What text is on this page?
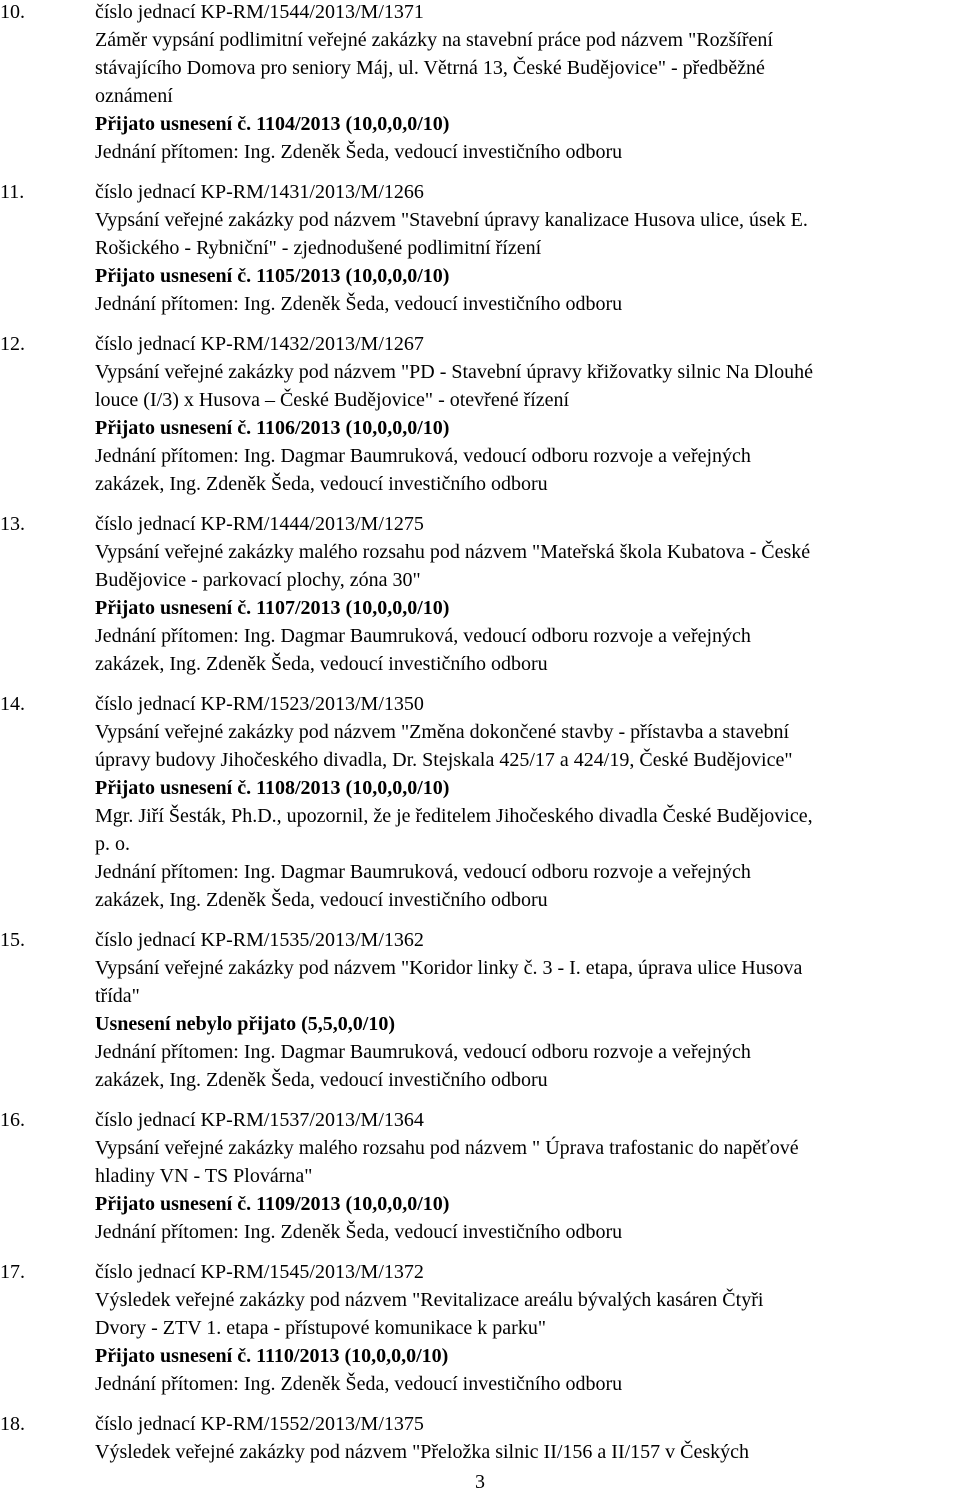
10.	číslo jednací KP-RM/1544/2013/M/1371
Záměr vypsání podlimitní veřejné zakázky na stavební práce pod názvem "Rozšíření
stávajícího Domova pro seniory Máj, ul. Větrná 13, České Budějovice" - předběžné
oznámení
Přijato usnesení č. 1104/2013 (10,0,0,0/10)
Jednání přítomen: Ing. Zdeněk Šeda, vedoucí investičního odboru
11.	číslo jednací KP-RM/1431/2013/M/1266
Vypsání veřejné zakázky pod názvem "Stavební úpravy kanalizace Husova ulice, úsek E.
Rošického - Rybniční" - zjednodušené podlimitní řízení
Přijato usnesení č. 1105/2013 (10,0,0,0/10)
Jednání přítomen: Ing. Zdeněk Šeda, vedoucí investičního odboru
12.	číslo jednací KP-RM/1432/2013/M/1267
Vypsání veřejné zakázky pod názvem "PD - Stavební úpravy křižovatky silnic Na Dlouhé
louce (I/3) x Husova – České Budějovice" - otevřené řízení
Přijato usnesení č. 1106/2013 (10,0,0,0/10)
Jednání přítomen: Ing. Dagmar Baumruková, vedoucí odboru rozvoje a veřejných
zakázek, Ing. Zdeněk Šeda, vedoucí investičního odboru
13.	číslo jednací KP-RM/1444/2013/M/1275
Vypsání veřejné zakázky malého rozsahu pod názvem "Mateřská škola Kubatova - České
Budějovice - parkovací plochy, zóna 30"
Přijato usnesení č. 1107/2013 (10,0,0,0/10)
Jednání přítomen: Ing. Dagmar Baumruková, vedoucí odboru rozvoje a veřejných
zakázek, Ing. Zdeněk Šeda, vedoucí investičního odboru
14.	číslo jednací KP-RM/1523/2013/M/1350
Vypsání veřejné zakázky pod názvem "Změna dokončené stavby - přístavba a stavební
úpravy budovy Jihočeského divadla, Dr. Stejskala 425/17 a 424/19, České Budějovice"
Přijato usnesení č. 1108/2013 (10,0,0,0/10)
Mgr. Jiří Šesták, Ph.D., upozornil, že je ředitelem Jihočeského divadla České Budějovice,
p. o.
Jednání přítomen: Ing. Dagmar Baumruková, vedoucí odboru rozvoje a veřejných
zakázek, Ing. Zdeněk Šeda, vedoucí investičního odboru
15.	číslo jednací KP-RM/1535/2013/M/1362
Vypsání veřejné zakázky pod názvem "Koridor linky č. 3 - I. etapa, úprava ulice Husova
třída"
Usnesení nebylo přijato (5,5,0,0/10)
Jednání přítomen: Ing. Dagmar Baumruková, vedoucí odboru rozvoje a veřejných
zakázek, Ing. Zdeněk Šeda, vedoucí investičního odboru
16.	číslo jednací KP-RM/1537/2013/M/1364
Vypsání veřejné zakázky malého rozsahu pod názvem " Úprava trafostanic do napěťové
hladiny VN - TS Plovárna"
Přijato usnesení č. 1109/2013 (10,0,0,0/10)
Jednání přítomen: Ing. Zdeněk Šeda, vedoucí investičního odboru
17.	číslo jednací KP-RM/1545/2013/M/1372
Výsledek veřejné zakázky pod názvem "Revitalizace areálu bývalých kasáren Čtyři
Dvory - ZTV 1. etapa - přístupové komunikace k parku"
Přijato usnesení č. 1110/2013 (10,0,0,0/10)
Jednání přítomen: Ing. Zdeněk Šeda, vedoucí investičního odboru
18.	číslo jednací KP-RM/1552/2013/M/1375
Výsledek veřejné zakázky pod názvem "Přeložka silnic II/156 a II/157 v Českých
3
